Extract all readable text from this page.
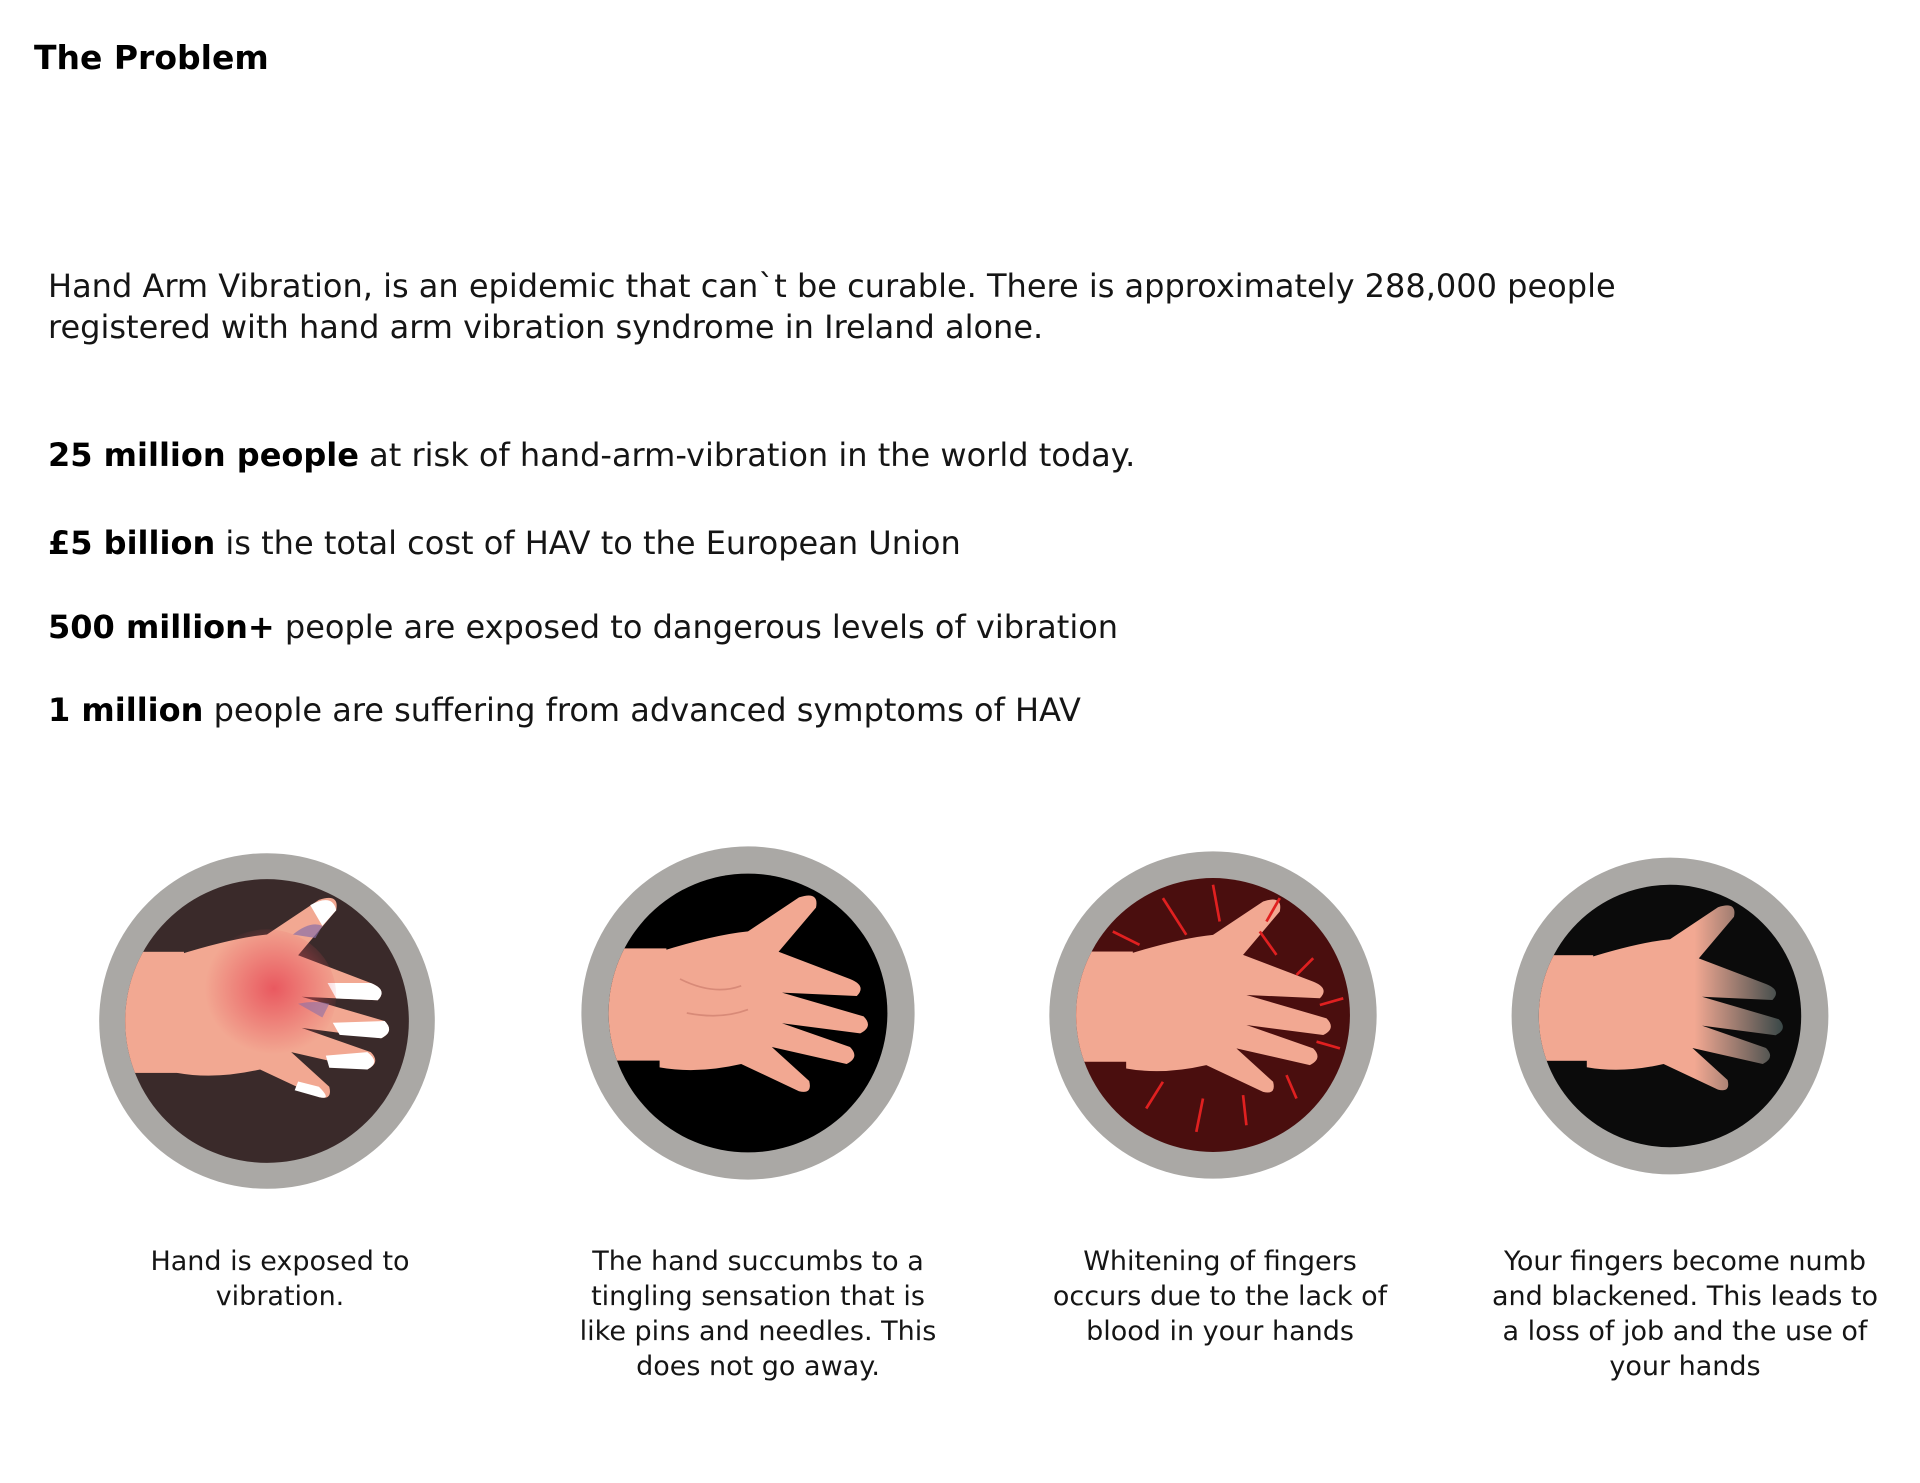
The Problem
Hand Arm Vibration, is an epidemic that can`t be curable. There is approximately 288,000 people registered with hand arm vibration syndrome in Ireland alone.
25 million people at risk of hand-arm-vibration in the world today.
£5 billion is the total cost of HAV to the European Union
500 million+ people are exposed to dangerous levels of vibration
1 million people are suffering from advanced symptoms of HAV
Hand is exposed to vibration.
The hand succumbs to a tingling sensation that is like pins and needles. This does not go away.
Whitening of fingers occurs due to the lack of blood in your hands
Your fingers become numb and blackened. This leads to a loss of job and the use of your hands
